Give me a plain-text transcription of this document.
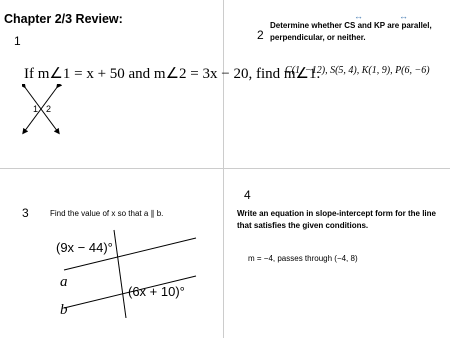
Chapter 2/3 Review:
1
If m∠1 = x + 50 and m∠2 = 3x − 20, find m∠1.
1 2
2
Determine whether CS and KP are parallel, perpendicular, or neither.
C(1, −12), S(5, 4), K(1, 9), P(6, −6)
↔	↔
3	Find the value of x so that a ∥ b.
(9x − 44)°
(6x + 10)°
a
b
4
Write an equation in slope-intercept form for the line that satisfies the given conditions.
m = −4, passes through (−4, 8)
